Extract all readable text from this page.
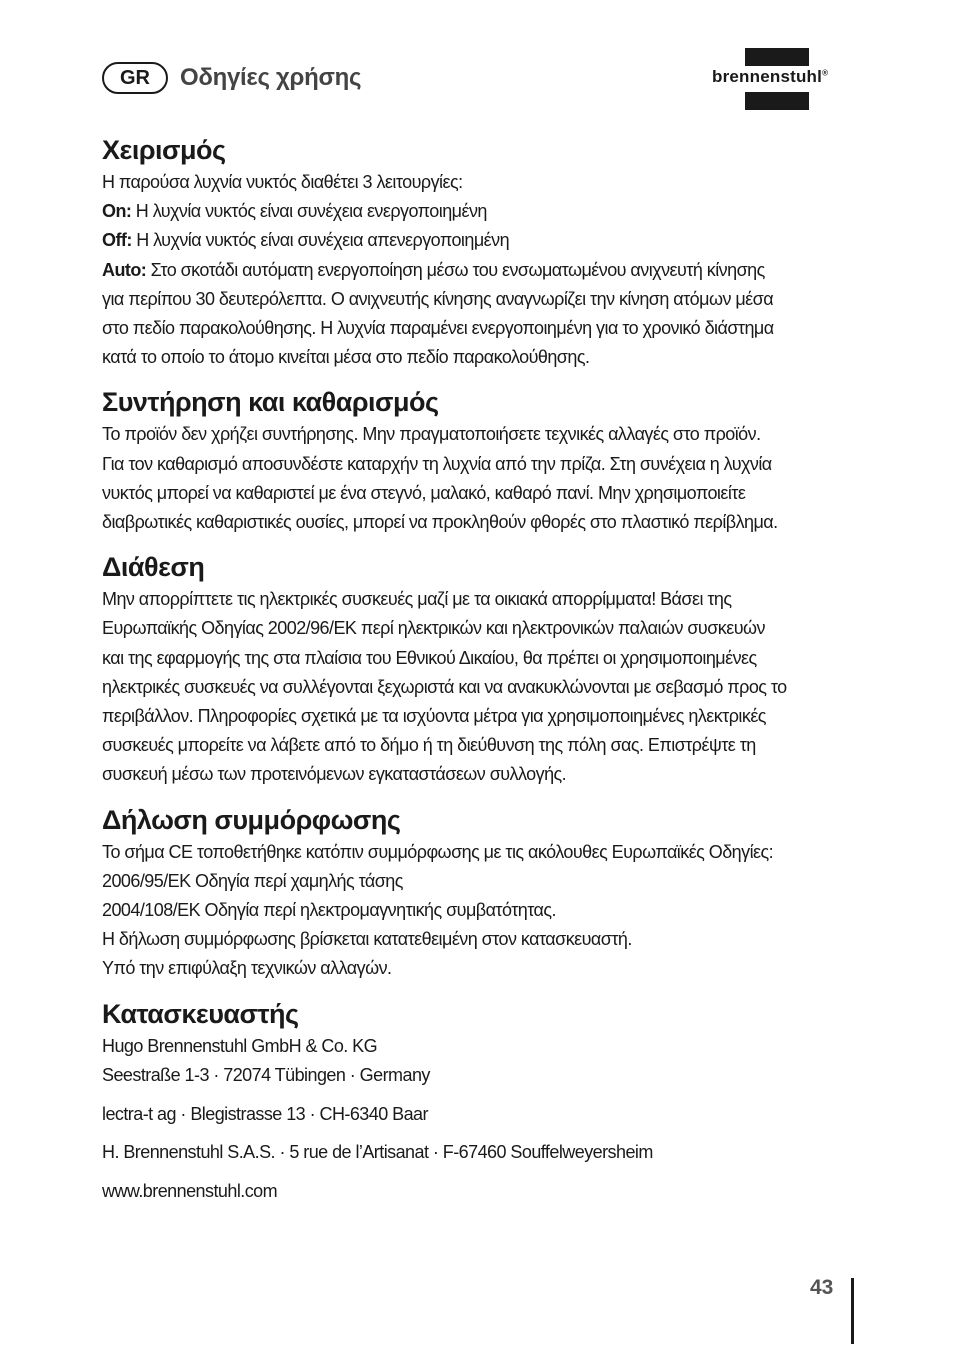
GR	Οδηγίες χρήσης	brennenstuhl®
Χειρισμός

Η παρούσα λυχνία νυκτός διαθέτει 3 λειτουργίες:

On: Η λυχνία νυκτός είναι συνέχεια ενεργοποιημένη

Off: Η λυχνία νυκτός είναι συνέχεια απενεργοποιημένη

Auto: Στο σκοτάδι αυτόματη ενεργοποίηση μέσω του ενσωματωμένου ανιχνευτή κίνησης

για περίπου 30 δευτερόλεπτα. Ο ανιχνευτής κίνησης αναγνωρίζει την κίνηση ατόμων μέσα

στο πεδίο παρακολούθησης. Η λυχνία παραμένει ενεργοποιημένη για το χρονικό διάστημα

κατά το οποίο το άτομο κινείται μέσα στο πεδίο παρακολούθησης.

Συντήρηση και καθαρισμός

Το προϊόν δεν χρήζει συντήρησης. Μην πραγματοποιήσετε τεχνικές αλλαγές στο προϊόν.

Για τον καθαρισμό αποσυνδέστε καταρχήν τη λυχνία από την πρίζα. Στη συνέχεια η λυχνία

νυκτός μπορεί να καθαριστεί με ένα στεγνό, μαλακό, καθαρό πανί. Μην χρησιμοποιείτε

διαβρωτικές καθαριστικές ουσίες, μπορεί να προκληθούν φθορές στο πλαστικό περίβλημα.

Διάθεση

Μην απορρίπτετε τις ηλεκτρικές συσκευές μαζί με τα οικιακά απορρίμματα! Βάσει της

Ευρωπαϊκής Οδηγίας 2002/96/ΕΚ περί ηλεκτρικών και ηλεκτρονικών παλαιών συσκευών

και της εφαρμογής της στα πλαίσια του Εθνικού Δικαίου, θα πρέπει οι χρησιμοποιημένες

ηλεκτρικές συσκευές να συλλέγονται ξεχωριστά και να ανακυκλώνονται με σεβασμό προς το

περιβάλλον. Πληροφορίες σχετικά με τα ισχύοντα μέτρα για χρησιμοποιημένες ηλεκτρικές

συσκευές μπορείτε να λάβετε από το δήμο ή τη διεύθυνση της πόλη σας. Επιστρέψτε τη

συσκευή μέσω των προτεινόμενων εγκαταστάσεων συλλογής.

Δήλωση συμμόρφωσης

Το σήμα CE τοποθετήθηκε κατόπιν συμμόρφωσης με τις ακόλουθες Ευρωπαϊκές Οδηγίες:

2006/95/ΕΚ Οδηγία περί χαμηλής τάσης

2004/108/ΕΚ Οδηγία περί ηλεκτρομαγνητικής συμβατότητας.

Η δήλωση συμμόρφωσης βρίσκεται κατατεθειμένη στον κατασκευαστή.

Υπό την επιφύλαξη τεχνικών αλλαγών.

Κατασκευαστής

Hugo Brennenstuhl GmbH & Co. KG

Seestraße 1-3 · 72074 Tübingen · Germany

lectra-t ag · Blegistrasse 13 · CH-6340 Baar

H. Brennenstuhl S.A.S. · 5 rue de l’Artisanat · F-67460 Souffelweyersheim

www.brennenstuhl.com

43
